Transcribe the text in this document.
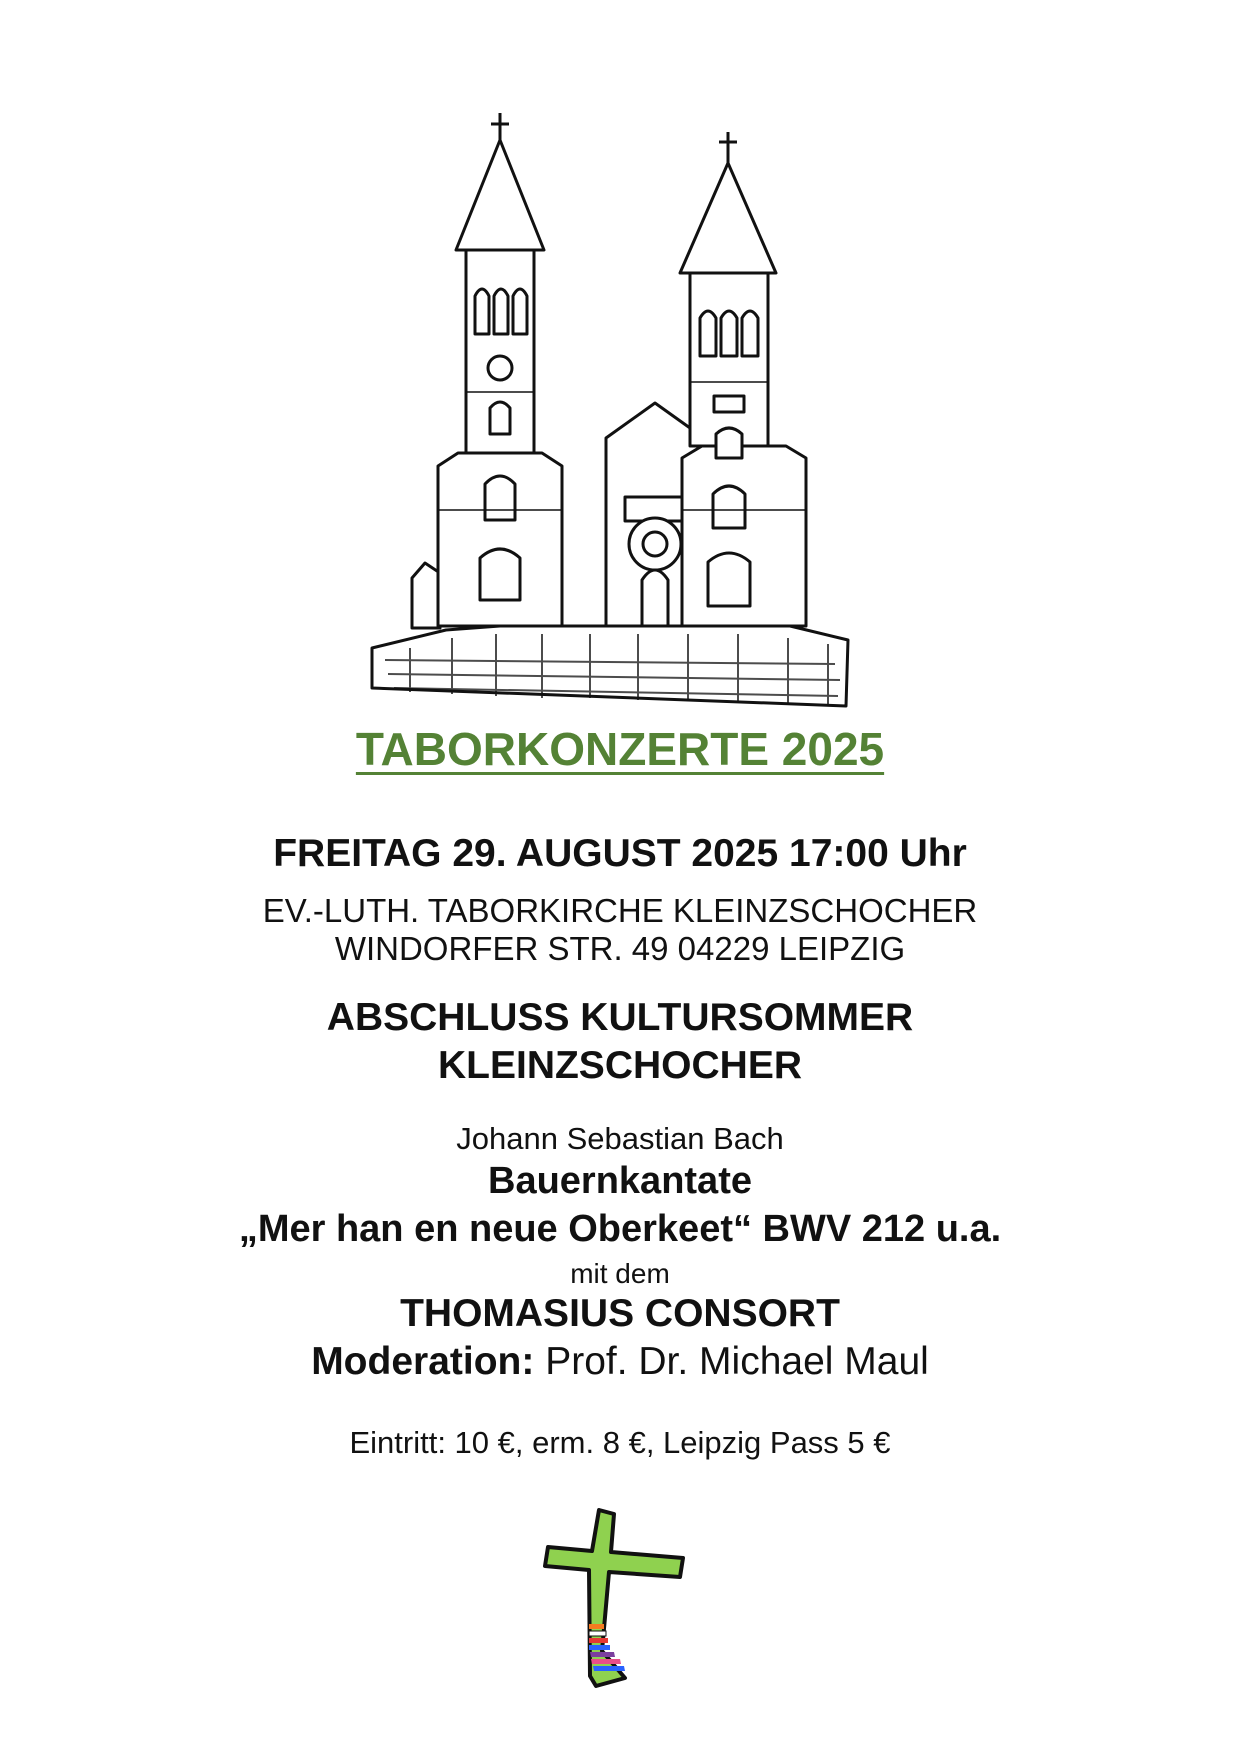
TABORKONZERTE 2025
FREITAG 29. AUGUST 2025 17:00 Uhr
EV.-LUTH. TABORKIRCHE KLEINZSCHOCHER
WINDORFER STR. 49 04229 LEIPZIG
ABSCHLUSS KULTURSOMMER
KLEINZSCHOCHER
Johann Sebastian Bach
Bauernkantate
„Mer han en neue Oberkeet“ BWV 212 u.a.
mit dem
THOMASIUS CONSORT
Moderation: Prof. Dr. Michael Maul
Eintritt: 10 €, erm. 8 €, Leipzig Pass 5 €
